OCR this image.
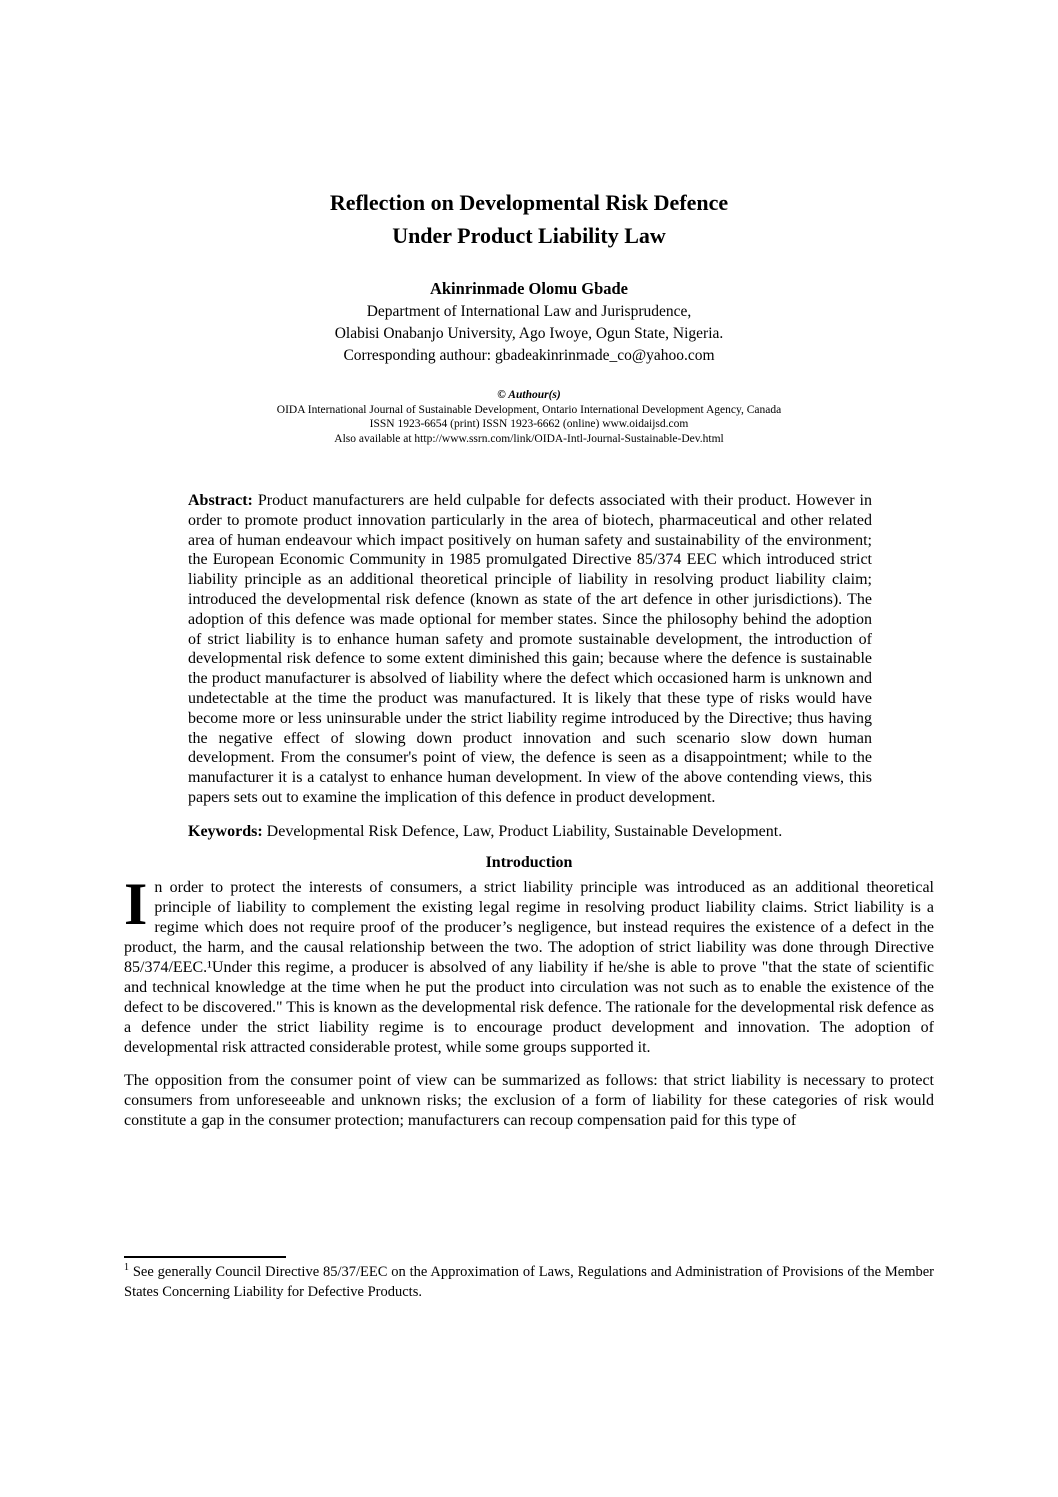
Reflection on Developmental Risk Defence
Under Product Liability Law
Akinrinmade Olomu Gbade
Department of International Law and Jurisprudence,
Olabisi Onabanjo University, Ago Iwoye, Ogun State, Nigeria.
Corresponding authour: gbadeakinrinmade_co@yahoo.com
© Authour(s)
OIDA International Journal of Sustainable Development, Ontario International Development Agency, Canada
ISSN 1923-6654 (print) ISSN 1923-6662 (online) www.oidaijsd.com
Also available at http://www.ssrn.com/link/OIDA-Intl-Journal-Sustainable-Dev.html

Abstract: Product manufacturers are held culpable for defects associated with their product. However in order to promote product innovation particularly in the area of biotech, pharmaceutical and other related area of human endeavour which impact positively on human safety and sustainability of the environment; the European Economic Community in 1985 promulgated Directive 85/374 EEC which introduced strict liability principle as an additional theoretical principle of liability in resolving product liability claim; introduced the developmental risk defence (known as state of the art defence in other jurisdictions). The adoption of this defence was made optional for member states. Since the philosophy behind the adoption of strict liability is to enhance human safety and promote sustainable development, the introduction of developmental risk defence to some extent diminished this gain; because where the defence is sustainable the product manufacturer is absolved of liability where the defect which occasioned harm is unknown and undetectable at the time the product was manufactured. It is likely that these type of risks would have become more or less uninsurable under the strict liability regime introduced by the Directive; thus having the negative effect of slowing down product innovation and such scenario slow down human development. From the consumer's point of view, the defence is seen as a disappointment; while to the manufacturer it is a catalyst to enhance human development. In view of the above contending views, this papers sets out to examine the implication of this defence in product development.

Keywords: Developmental Risk Defence, Law, Product Liability, Sustainable Development.

Introduction

In order to protect the interests of consumers, a strict liability principle was introduced as an additional theoretical principle of liability to complement the existing legal regime in resolving product liability claims. Strict liability is a regime which does not require proof of the producer’s negligence, but instead requires the existence of a defect in the product, the harm, and the causal relationship between the two. The adoption of strict liability was done through Directive 85/374/EEC.¹Under this regime, a producer is absolved of any liability if he/she is able to prove "that the state of scientific and technical knowledge at the time when he put the product into circulation was not such as to enable the existence of the defect to be discovered." This is known as the developmental risk defence. The rationale for the developmental risk defence as a defence under the strict liability regime is to encourage product development and innovation. The adoption of developmental risk attracted considerable protest, while some groups supported it.

The opposition from the consumer point of view can be summarized as follows: that strict liability is necessary to protect consumers from unforeseeable and unknown risks; the exclusion of a form of liability for these categories of risk would constitute a gap in the consumer protection; manufacturers can recoup compensation paid for this type of

$^1$ See generally Council Directive 85/37/EEC on the Approximation of Laws, Regulations and Administration of Provisions of the Member States Concerning Liability for Defective Products.
